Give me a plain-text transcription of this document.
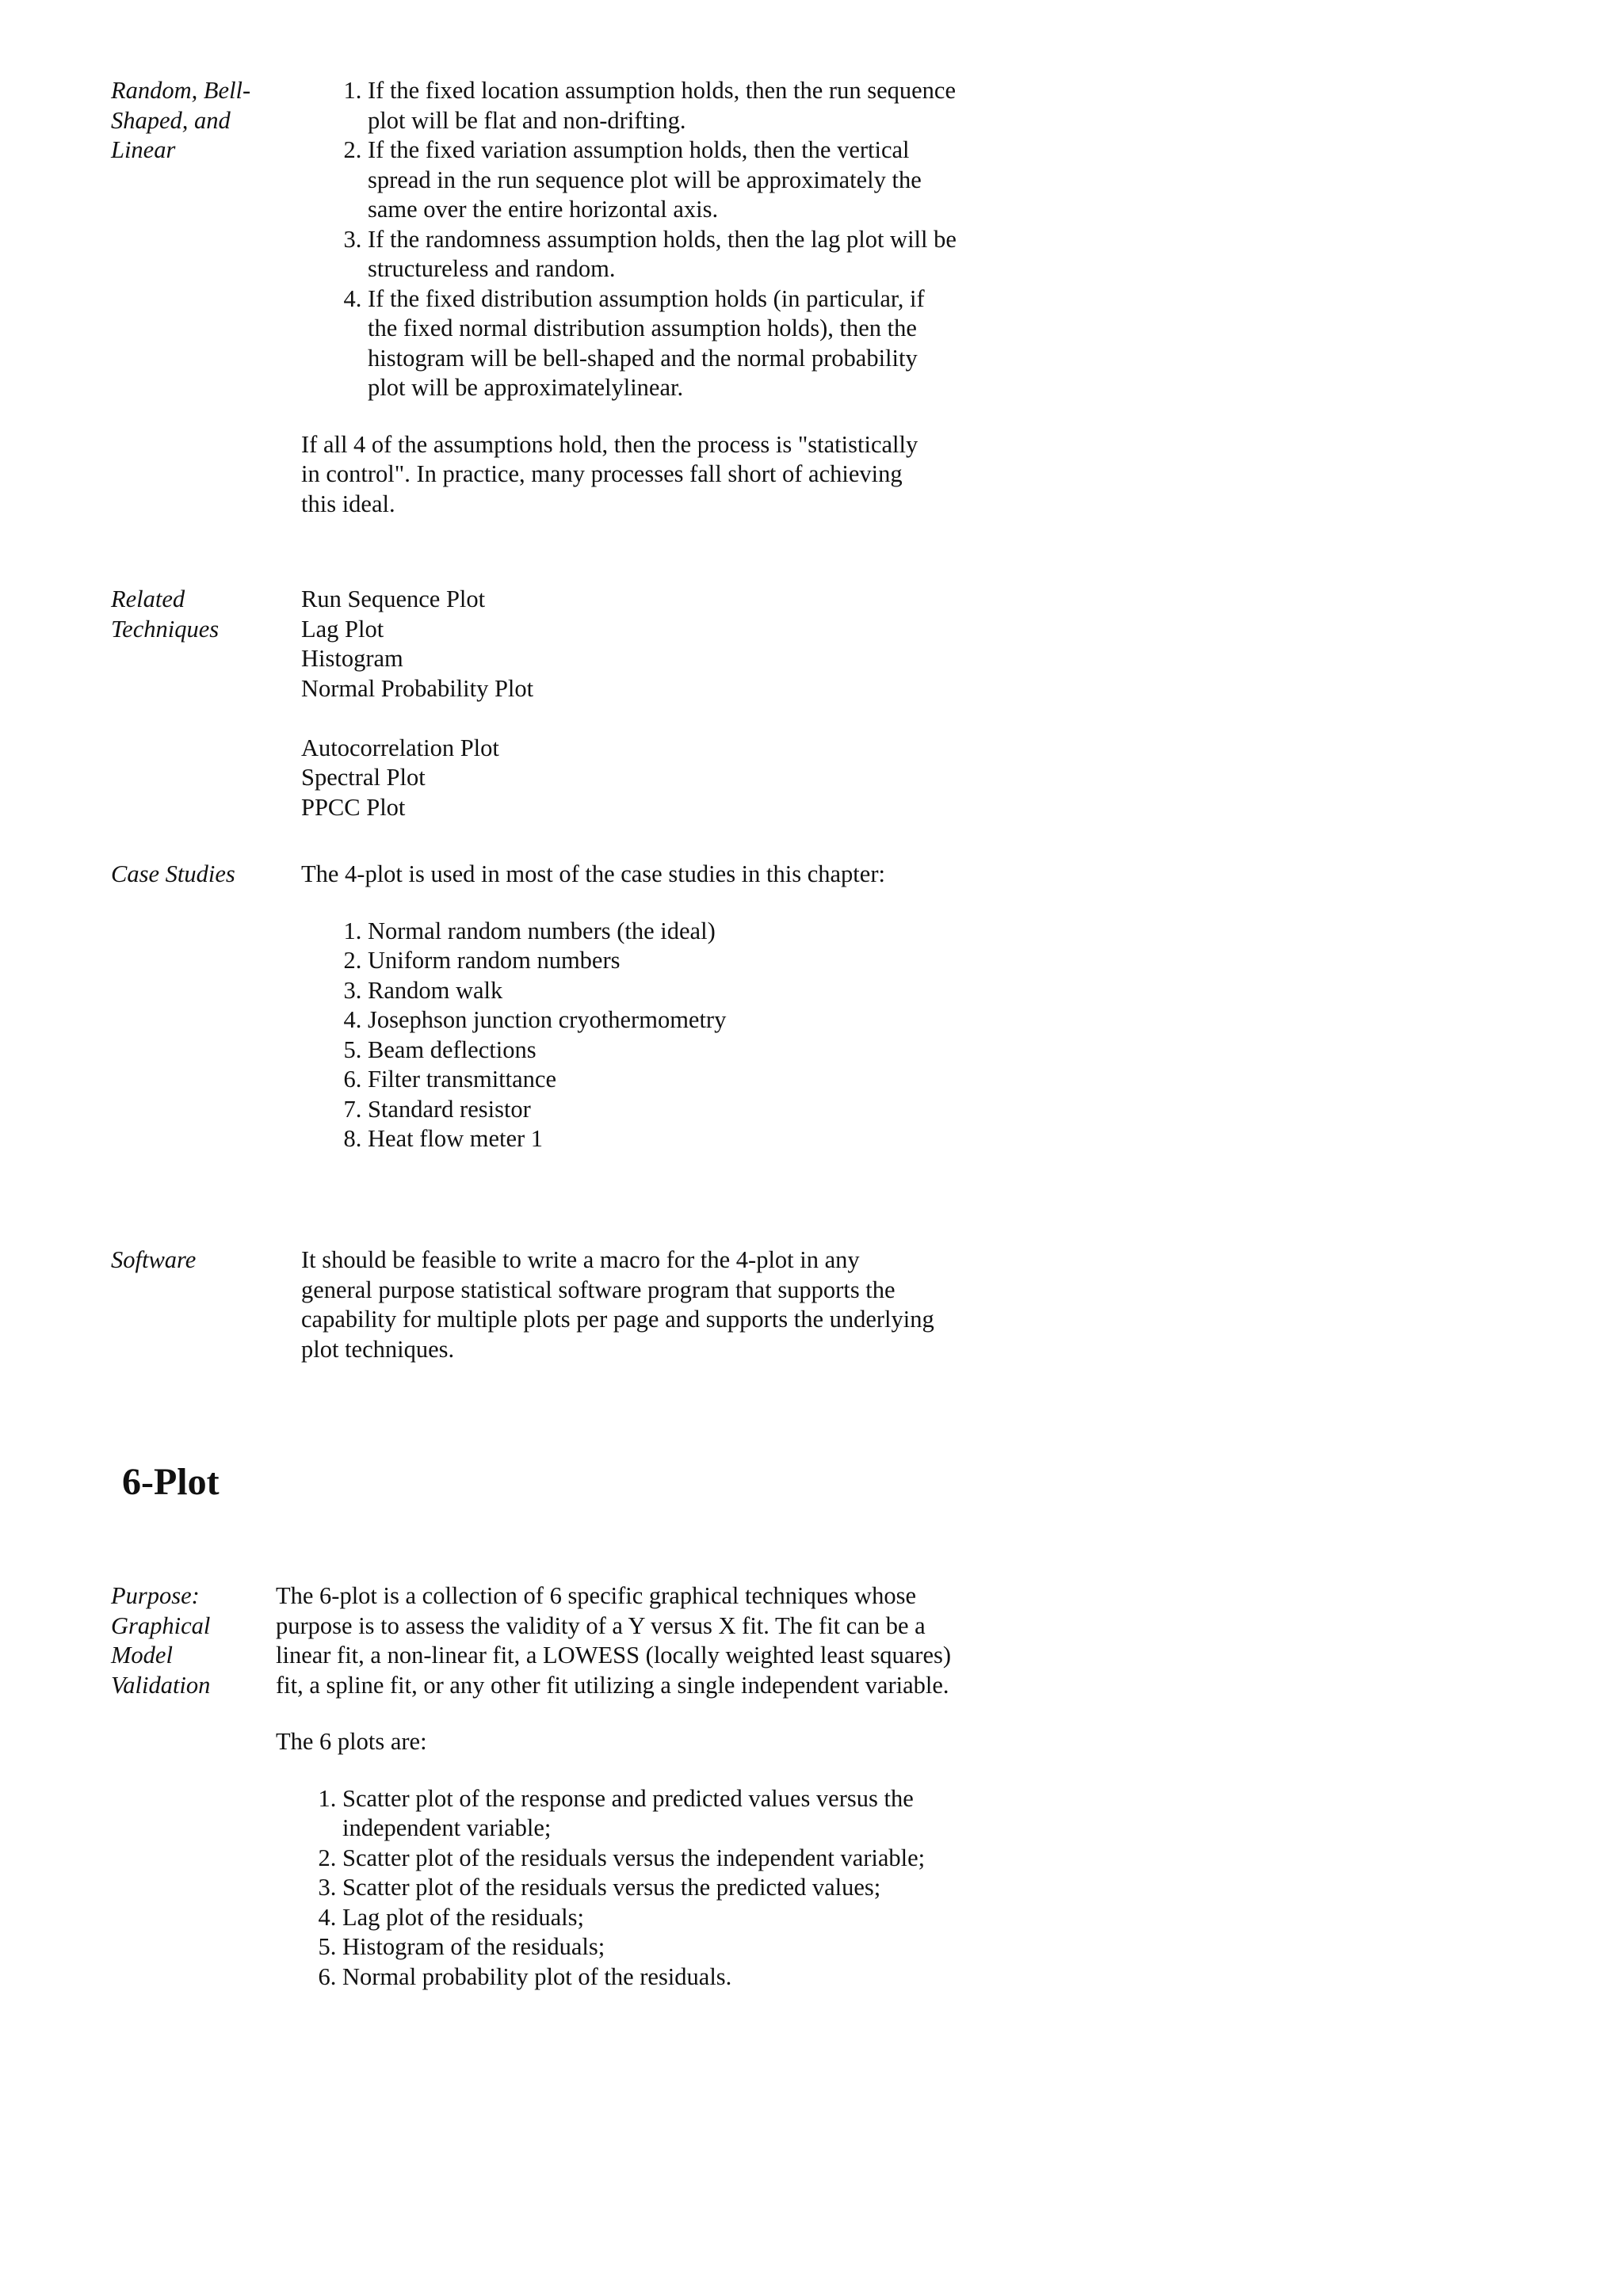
Random, Bell-Shaped, and Linear
1. If the fixed location assumption holds, then the run sequence plot will be flat and non-drifting.
2. If the fixed variation assumption holds, then the vertical spread in the run sequence plot will be approximately the same over the entire horizontal axis.
3. If the randomness assumption holds, then the lag plot will be structureless and random.
4. If the fixed distribution assumption holds (in particular, if the fixed normal distribution assumption holds), then the histogram will be bell-shaped and the normal probability plot will be approximatelylinear.

If all 4 of the assumptions hold, then the process is "statistically in control". In practice, many processes fall short of achieving this ideal.

Related Techniques
Run Sequence Plot
Lag Plot
Histogram
Normal Probability Plot
Autocorrelation Plot
Spectral Plot
PPCC Plot
Case Studies	The 4-plot is used in most of the case studies in this chapter:

1. Normal random numbers (the ideal)
2. Uniform random numbers
3. Random walk
4. Josephson junction cryothermometry
5. Beam deflections
6. Filter transmittance
7. Standard resistor
8. Heat flow meter 1
Software	It should be feasible to write a macro for the 4-plot in any general purpose statistical software program that supports the capability for multiple plots per page and supports the underlying plot techniques.

6-Plot
Purpose: Graphical Model Validation

The 6-plot is a collection of 6 specific graphical techniques whose purpose is to assess the validity of a Y versus X fit. The fit can be a linear fit, a non-linear fit, a LOWESS (locally weighted least squares) fit, a spline fit, or any other fit utilizing a single independent variable.

The 6 plots are:

1. Scatter plot of the response and predicted values versus the independent variable;
2. Scatter plot of the residuals versus the independent variable;
3. Scatter plot of the residuals versus the predicted values;
4. Lag plot of the residuals;
5. Histogram of the residuals;
6. Normal probability plot of the residuals.
